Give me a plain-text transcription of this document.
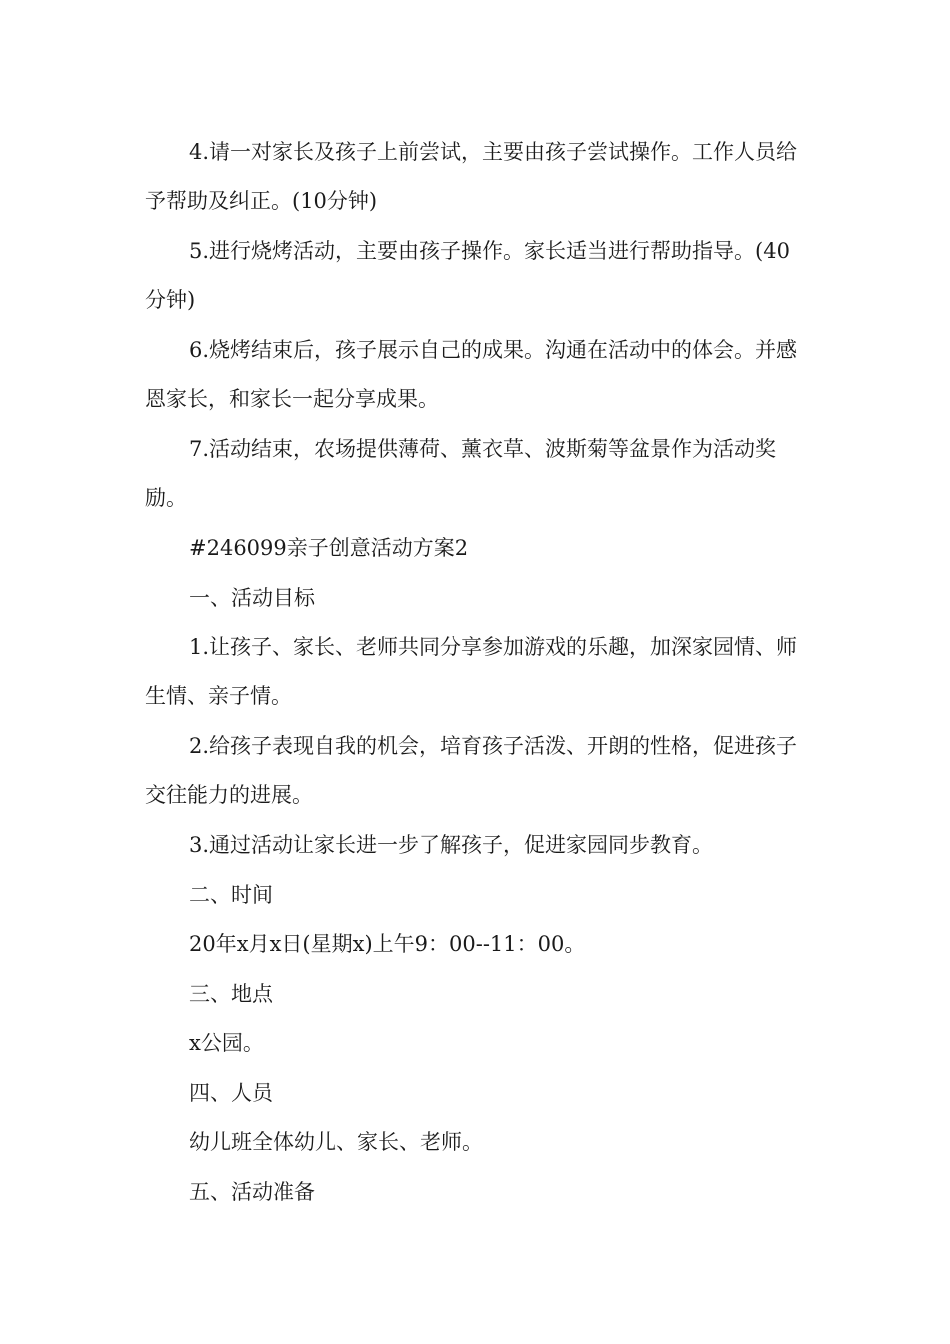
4.请一对家长及孩子上前尝试，主要由孩子尝试操作。工作人员给予帮助及纠正。(10分钟)

5.进行烧烤活动，主要由孩子操作。家长适当进行帮助指导。(40分钟)

6.烧烤结束后，孩子展示自己的成果。沟通在活动中的体会。并感恩家长，和家长一起分享成果。

7.活动结束，农场提供薄荷、薰衣草、波斯菊等盆景作为活动奖励。

#246099亲子创意活动方案2

一、活动目标

1.让孩子、家长、老师共同分享参加游戏的乐趣，加深家园情、师生情、亲子情。

2.给孩子表现自我的机会，培育孩子活泼、开朗的性格，促进孩子交往能力的进展。

3.通过活动让家长进一步了解孩子，促进家园同步教育。

二、时间

20年x月x日(星期x)上午9：00--11：00。

三、地点

x公园。

四、人员

幼儿班全体幼儿、家长、老师。

五、活动准备
